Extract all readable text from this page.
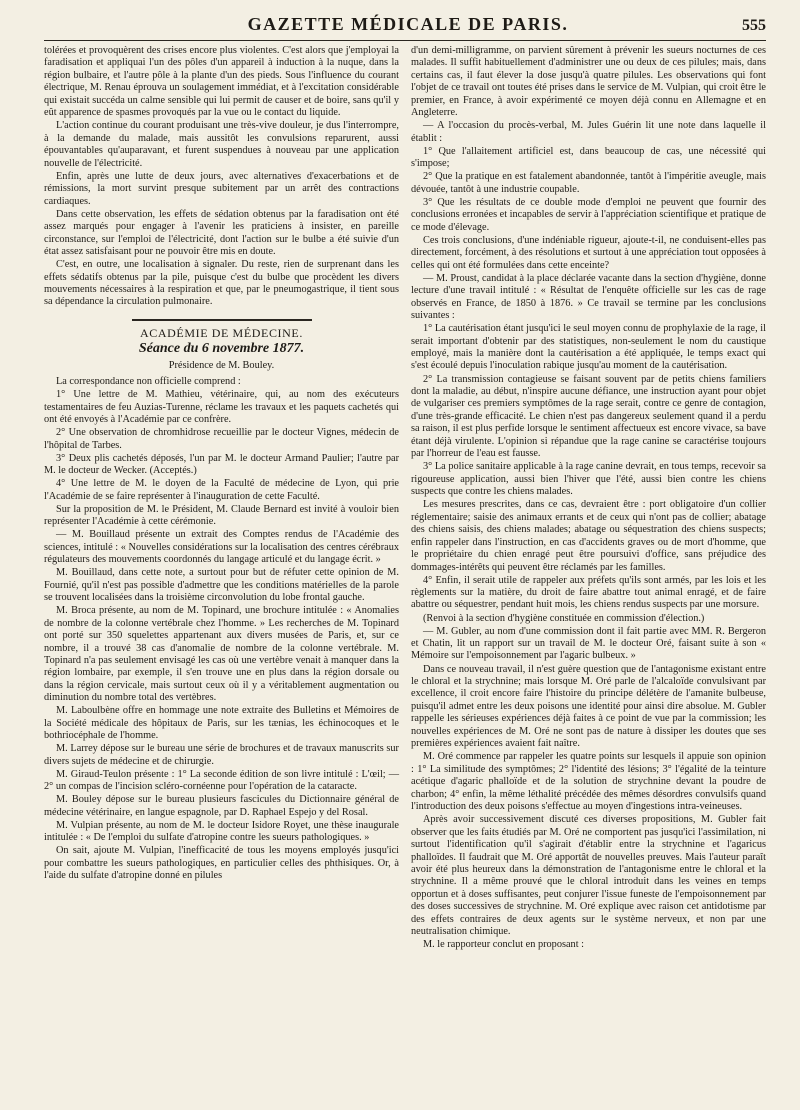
GAZETTE MÉDICALE DE PARIS.	555

tolérées et provoquèrent des crises encore plus violentes. C'est alors que j'employai la faradisation et appliquai l'un des pôles d'un appareil à induction à la nuque, dans la région bulbaire, et l'autre pôle à la plante d'un des pieds. Sous l'influence du courant électrique, M. Renau éprouva un soulagement immédiat, et à l'excitation considérable qui existait succéda un calme sensible qui lui permit de causer et de boire, sans qu'il y eût apparence de spasmes provoqués par la vue ou le contact du liquide.

L'action continue du courant produisant une très-vive douleur, je dus l'interrompre, à la demande du malade, mais aussitôt les convulsions reparurent, aussi épouvantables qu'auparavant, et furent suspendues à nouveau par une application nouvelle de l'électricité.

Enfin, après une lutte de deux jours, avec alternatives d'exacerbations et de rémissions, la mort survint presque subitement par un arrêt des contractions cardiaques.

Dans cette observation, les effets de sédation obtenus par la faradisation ont été assez marqués pour engager à l'avenir les praticiens à insister, en pareille circonstance, sur l'emploi de l'électricité, dont l'action sur le bulbe a été suivie d'un état assez satisfaisant pour ne pouvoir être mis en doute.

C'est, en outre, une localisation à signaler. Du reste, rien de surprenant dans les effets sédatifs obtenus par la pile, puisque c'est du bulbe que procèdent les divers mouvements nécessaires à la respiration et que, par le pneumogastrique, il tient sous sa dépendance la circulation pulmonaire.

ACADÉMIE DE MÉDECINE.

Séance du 6 novembre 1877.

Présidence de M. Bouley.

La correspondance non officielle comprend :

1° Une lettre de M. Mathieu, vétérinaire, qui, au nom des exécuteurs testamentaires de feu Auzias-Turenne, réclame les travaux et les paquets cachetés qui ont été envoyés à l'Académie par ce confrère.

2° Une observation de chromhidrose recueillie par le docteur Vignes, médecin de l'hôpital de Tarbes.

3° Deux plis cachetés déposés, l'un par M. le docteur Armand Paulier; l'autre par M. le docteur de Wecker. (Acceptés.)

4° Une lettre de M. le doyen de la Faculté de médecine de Lyon, qui prie l'Académie de se faire représenter à l'inauguration de cette Faculté.

Sur la proposition de M. le Président, M. Claude Bernard est invité à vouloir bien représenter l'Académie à cette cérémonie.

— M. Bouillaud présente un extrait des Comptes rendus de l'Académie des sciences, intitulé : « Nouvelles considérations sur la localisation des centres cérébraux régulateurs des mouvements coordonnés du langage articulé et du langage écrit. »

M. Bouillaud, dans cette note, a surtout pour but de réfuter cette opinion de M. Fournié, qu'il n'est pas possible d'admettre que les conditions matérielles de la parole se trouvent localisées dans la troisième circonvolution du lobe frontal gauche.

M. Broca présente, au nom de M. Topinard, une brochure intitulée : « Anomalies de nombre de la colonne vertébrale chez l'homme. » Les recherches de M. Topinard ont porté sur 350 squelettes appartenant aux divers musées de Paris, et, sur ce nombre, il a trouvé 38 cas d'anomalie de nombre de la colonne vertébrale. M. Topinard n'a pas seulement envisagé les cas où une vertèbre venait à manquer dans la région lombaire, par exemple, il s'en trouve une en plus dans la région dorsale ou dans la région cervicale, mais surtout ceux où il y a véritablement augmentation ou diminution du nombre total des vertèbres.

M. Laboulbène offre en hommage une note extraite des Bulletins et Mémoires de la Société médicale des hôpitaux de Paris, sur les tænias, les échinocoques et le bothriocéphale de l'homme.

M. Larrey dépose sur le bureau une série de brochures et de travaux manuscrits sur divers sujets de médecine et de chirurgie.

M. Giraud-Teulon présente : 1° La seconde édition de son livre intitulé : L'œil; — 2° un compas de l'incision scléro-cornéenne pour l'opération de la cataracte.

M. Bouley dépose sur le bureau plusieurs fascicules du Dictionnaire général de médecine vétérinaire, en langue espagnole, par D. Raphael Espejo y del Rosal.

M. Vulpian présente, au nom de M. le docteur Isidore Royet, une thèse inaugurale intitulée : « De l'emploi du sulfate d'atropine contre les sueurs pathologiques. »

On sait, ajoute M. Vulpian, l'inefficacité de tous les moyens employés jusqu'ici pour combattre les sueurs pathologiques, en particulier celles des phthisiques. Or, à l'aide du sulfate d'atropine donné en pilules

d'un demi-milligramme, on parvient sûrement à prévenir les sueurs nocturnes de ces malades. Il suffit habituellement d'administrer une ou deux de ces pilules; mais, dans certains cas, il faut élever la dose jusqu'à quatre pilules. Les observations qui font l'objet de ce travail ont toutes été prises dans le service de M. Vulpian, qui croit être le premier, en France, à avoir expérimenté ce moyen déjà connu en Allemagne et en Angleterre.

— A l'occasion du procès-verbal, M. Jules Guérin lit une note dans laquelle il établit :

1° Que l'allaitement artificiel est, dans beaucoup de cas, une nécessité qui s'impose;

2° Que la pratique en est fatalement abandonnée, tantôt à l'impéritie aveugle, mais dévouée, tantôt à une industrie coupable.

3° Que les résultats de ce double mode d'emploi ne peuvent que fournir des conclusions erronées et incapables de servir à l'appréciation scientifique et pratique de ce mode d'élevage.

Ces trois conclusions, d'une indéniable rigueur, ajoute-t-il, ne conduisent-elles pas directement, forcément, à des résolutions et surtout à une appréciation tout opposées à celles qui ont été formulées dans cette enceinte?

— M. Proust, candidat à la place déclarée vacante dans la section d'hygiène, donne lecture d'une travail intitulé : « Résultat de l'enquête officielle sur les cas de rage observés en France, de 1850 à 1876. » Ce travail se termine par les conclusions suivantes :

1° La cautérisation étant jusqu'ici le seul moyen connu de prophylaxie de la rage, il serait important d'obtenir par des statistiques, non-seulement le nom du caustique employé, mais la manière dont la cautérisation a été appliquée, le temps exact qui s'est écoulé depuis l'inoculation rabique jusqu'au moment de la cautérisation.

2° La transmission contagieuse se faisant souvent par de petits chiens familiers dont la maladie, au début, n'inspire aucune défiance, une instruction ayant pour objet de vulgariser ces premiers symptômes de la rage serait, contre ce genre de contagion, d'une très-grande efficacité. Le chien n'est pas dangereux seulement quand il a perdu sa raison, il est plus perfide lorsque le sentiment affectueux est encore vivace, sa bave étant déjà virulente. L'opinion si répandue que la rage canine se caractérise toujours par l'horreur de l'eau est fausse.

3° La police sanitaire applicable à la rage canine devrait, en tous temps, recevoir sa rigoureuse application, aussi bien l'hiver que l'été, aussi bien contre les chiens suspects que contre les chiens malades.

Les mesures prescrites, dans ce cas, devraient être : port obligatoire d'un collier réglementaire; saisie des animaux errants et de ceux qui n'ont pas de collier; abatage des chiens saisis, des chiens malades; abatage ou séquestration des chiens suspects; enfin rappeler dans l'instruction, en cas d'accidents graves ou de mort d'homme, que le propriétaire du chien enragé peut être poursuivi d'office, sans préjudice des dommages-intérêts qui peuvent être réclamés par les familles.

4° Enfin, il serait utile de rappeler aux préfets qu'ils sont armés, par les lois et les règlements sur la matière, du droit de faire abattre tout animal enragé, et de faire abattre ou séquestrer, pendant huit mois, les chiens rendus suspects par une morsure.

(Renvoi à la section d'hygiène constituée en commission d'élection.)

— M. Gubler, au nom d'une commission dont il fait partie avec MM. R. Bergeron et Chatin, lit un rapport sur un travail de M. le docteur Oré, faisant suite à son « Mémoire sur l'empoisonnement par l'agaric bulbeux. »

Dans ce nouveau travail, il n'est guère question que de l'antagonisme existant entre le chloral et la strychnine; mais lorsque M. Oré parle de l'alcaloïde convulsivant par excellence, il croit encore faire l'histoire du principe délétère de l'amanite bulbeuse, puisqu'il admet entre les deux poisons une identité pour ainsi dire absolue. M. Gubler rappelle les sérieuses expériences déjà faites à ce point de vue par la commission; les nouvelles expériences de M. Oré ne sont pas de nature à dissiper les doutes que ses premières expériences avaient fait naître.

M. Oré commence par rappeler les quatre points sur lesquels il appuie son opinion : 1° La similitude des symptômes; 2° l'identité des lésions; 3° l'égalité de la teinture acétique d'agaric phalloïde et de la solution de strychnine devant la poudre de charbon; 4° enfin, la même léthalité précédée des mêmes désordres convulsifs quand l'introduction des deux poisons s'effectue au moyen d'ingestions intra-veineuses.

Après avoir successivement discuté ces diverses propositions, M. Gubler fait observer que les faits étudiés par M. Oré ne comportent pas jusqu'ici l'assimilation, ni surtout l'identification qu'il s'agirait d'établir entre la strychnine et l'agaricus phalloïdes. Il faudrait que M. Oré apportât de nouvelles preuves. Mais l'auteur paraît avoir été plus heureux dans la démonstration de l'antagonisme entre le chloral et la strychnine. Il a même prouvé que le chloral introduit dans les veines en temps opportun et à doses suffisantes, peut conjurer l'issue funeste de l'empoisonnement par des doses successives de strychnine. M. Oré explique avec raison cet antidotisme par des effets contraires de deux agents sur le système nerveux, et non par une neutralisation chimique.

M. le rapporteur conclut en proposant :
